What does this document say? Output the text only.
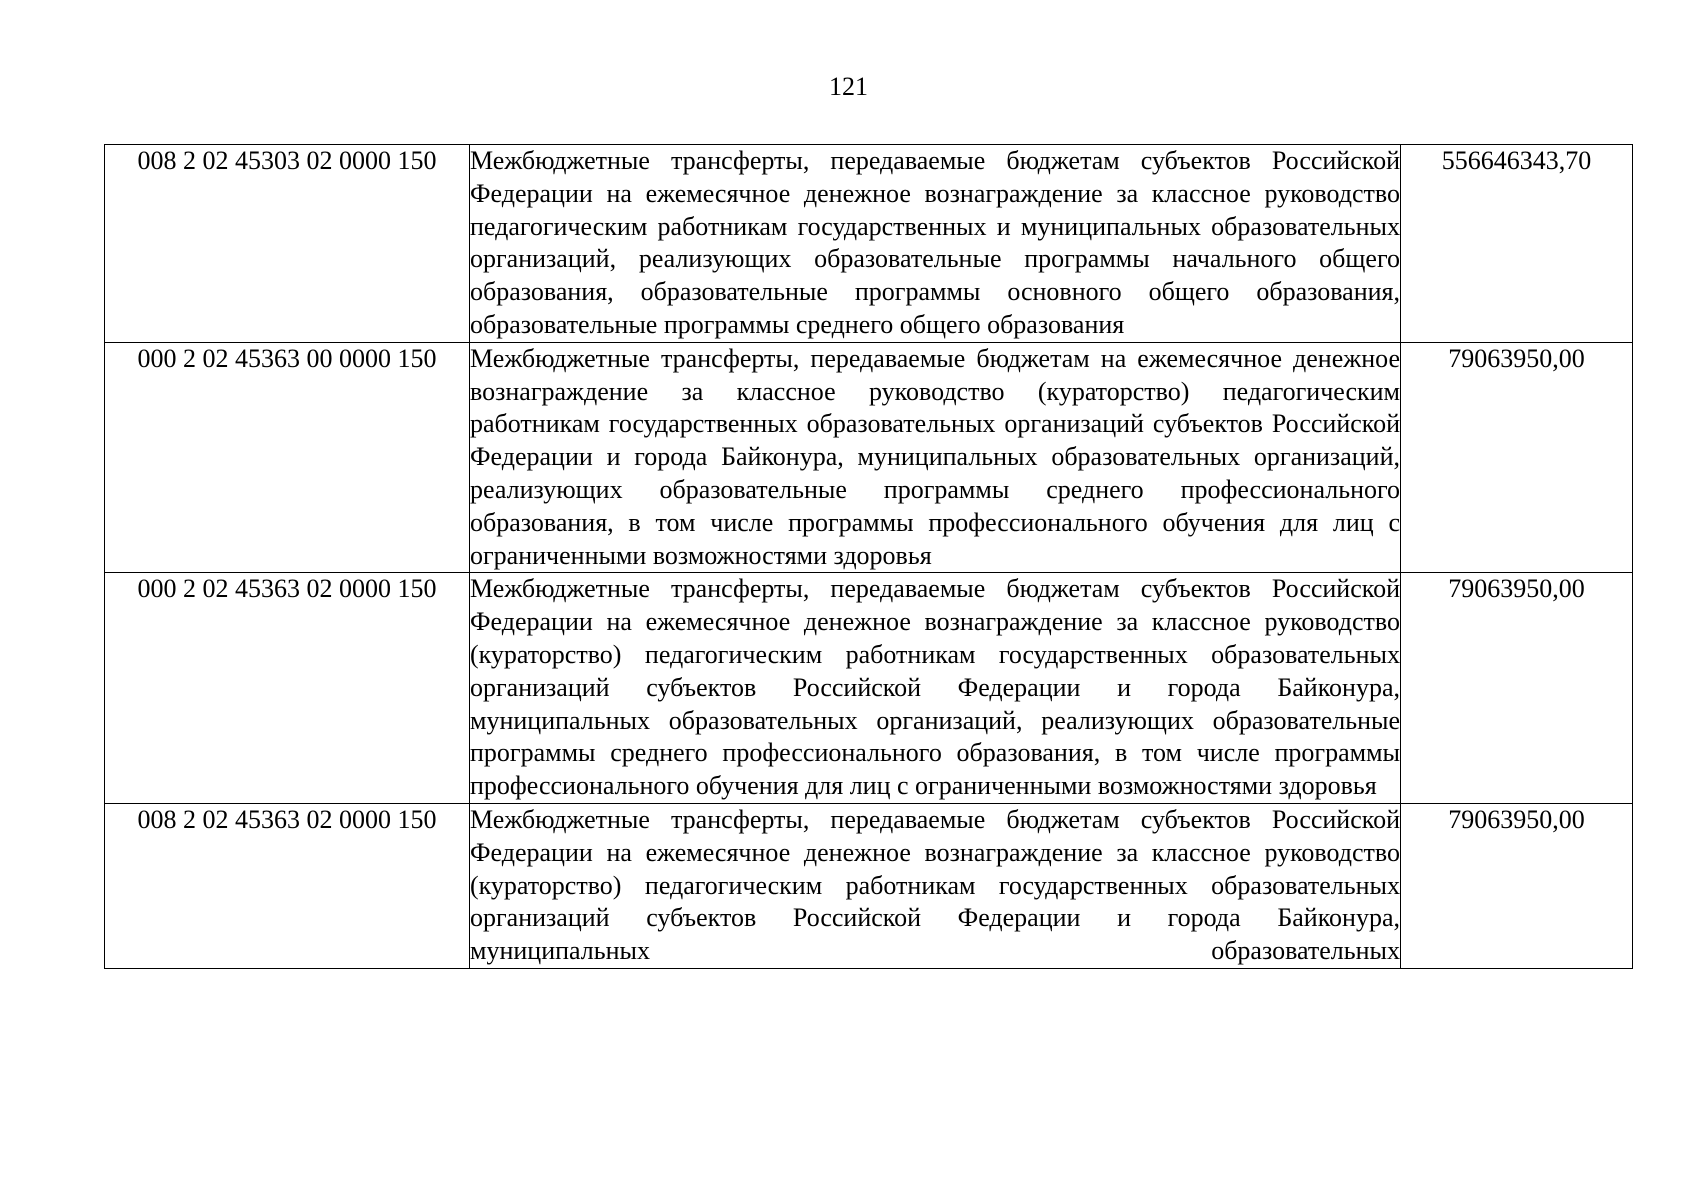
121
008 2 02 45303 02 0000 150	Межбюджетные трансферты, передаваемые бюджетам субъектов Российской Федерации на ежемесячное денежное вознаграждение за классное руководство педагогическим работникам государственных и муниципальных образовательных организаций, реализующих образовательные программы начального общего образования, образовательные программы основного общего образования, образовательные программы среднего общего образования	556646343,70
000 2 02 45363 00 0000 150	Межбюджетные трансферты, передаваемые бюджетам на ежемесячное денежное вознаграждение за классное руководство (кураторство) педагогическим работникам государственных образовательных организаций субъектов Российской Федерации и города Байконура, муниципальных образовательных организаций, реализующих образовательные программы среднего профессионального образования, в том числе программы профессионального обучения для лиц с ограниченными возможностями здоровья	79063950,00
000 2 02 45363 02 0000 150	Межбюджетные трансферты, передаваемые бюджетам субъектов Российской Федерации на ежемесячное денежное вознаграждение за классное руководство (кураторство) педагогическим работникам государственных образовательных организаций субъектов Российской Федерации и города Байконура, муниципальных образовательных организаций, реализующих образовательные программы среднего профессионального образования, в том числе программы профессионального обучения для лиц с ограниченными возможностями здоровья	79063950,00
008 2 02 45363 02 0000 150	Межбюджетные трансферты, передаваемые бюджетам субъектов Российской Федерации на ежемесячное денежное вознаграждение за классное руководство (кураторство) педагогическим работникам государственных образовательных организаций субъектов Российской Федерации и города Байконура, муниципальных образовательных	79063950,00
